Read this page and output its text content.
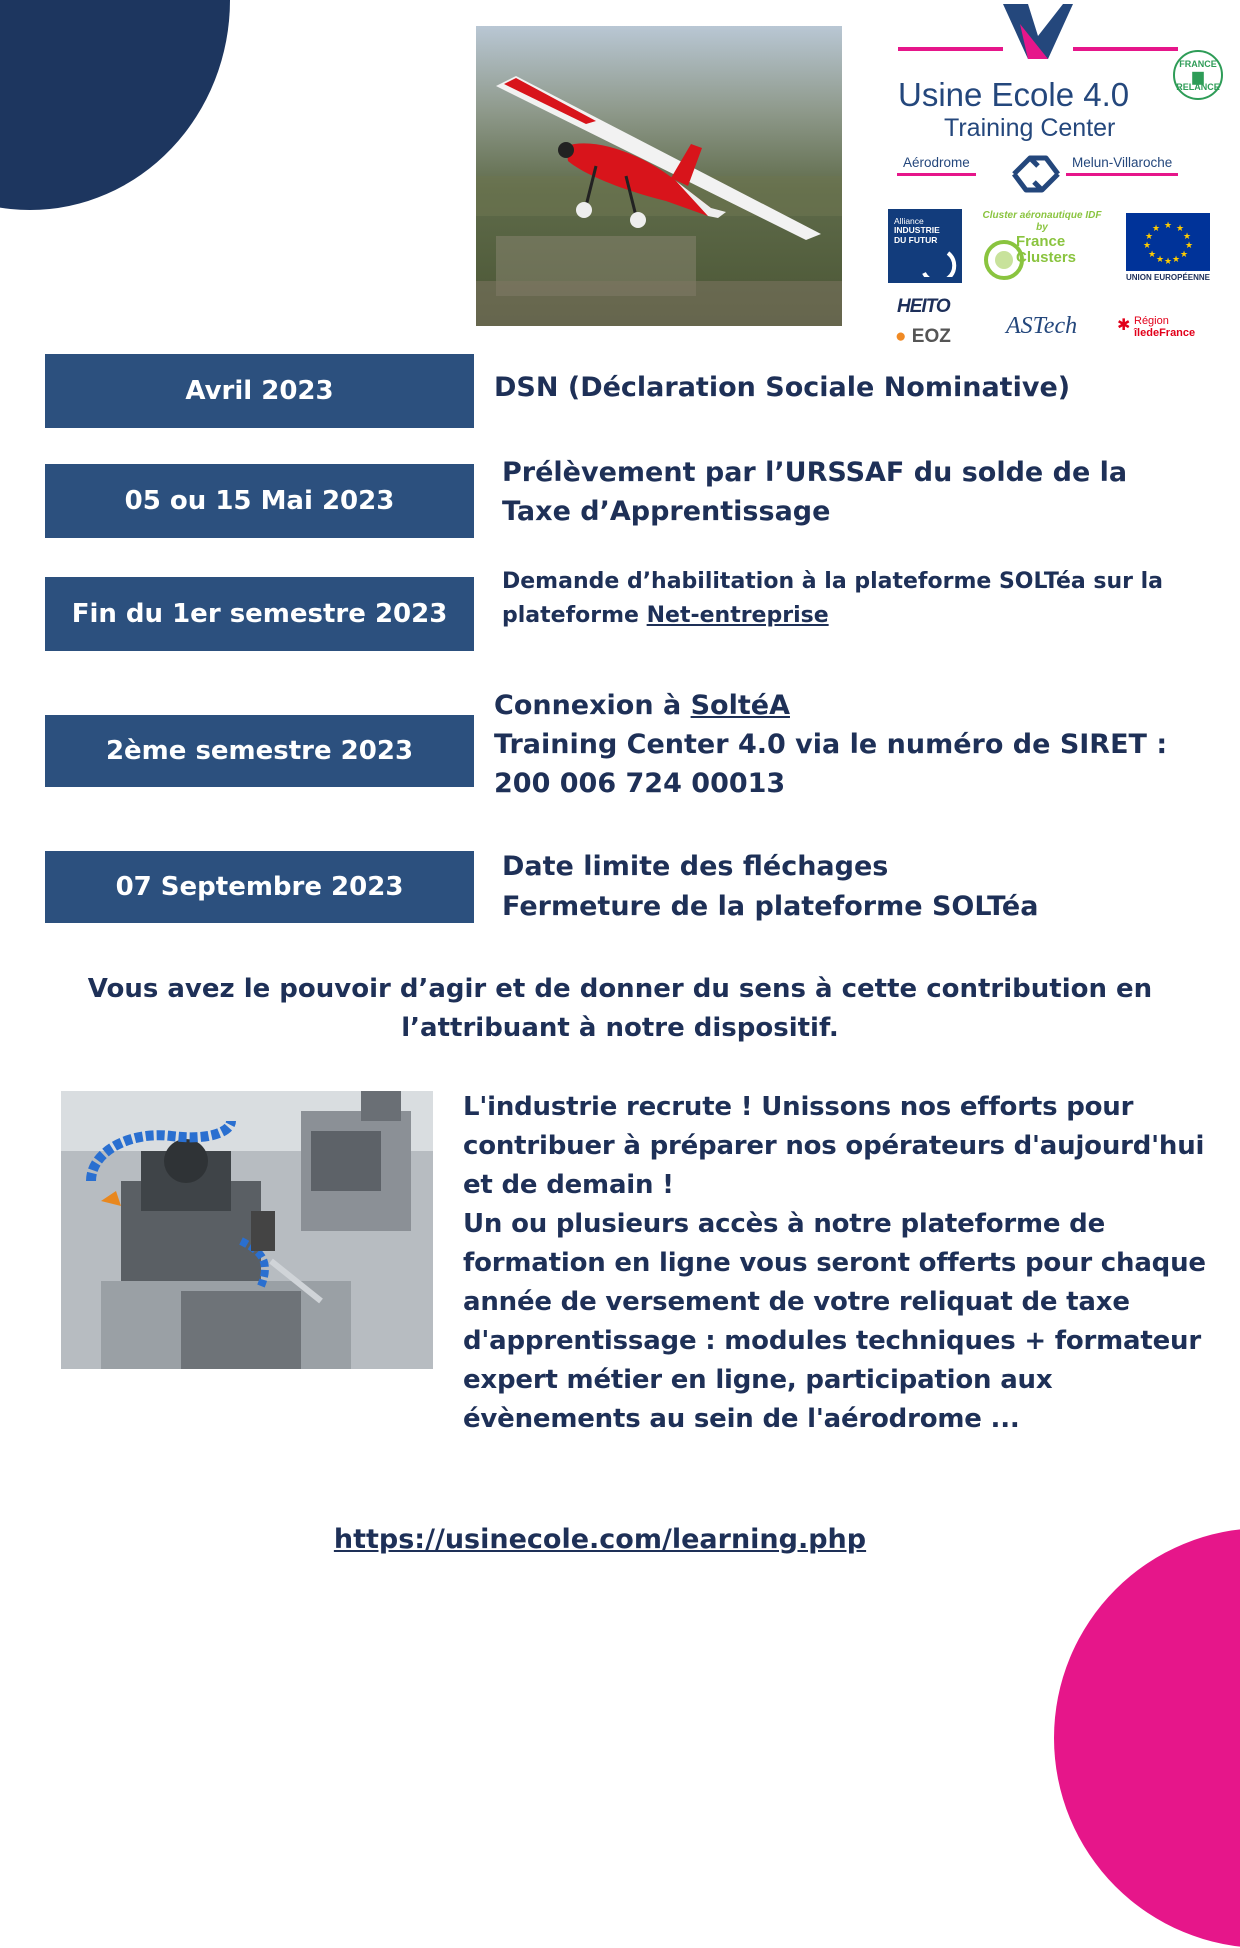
Usine Ecole 4.0
Training Center
FRANCE
▆
RELANCE
Aérodrome	Melun-Villaroche
Alliance
INDUSTRIE
DU FUTUR
Cluster aéronautique IDF
by
France
Clusters
★ ★
★
★
★
★
★
★
★
★
★
★
UNION EUROPÉENNE
HEITO
● EOZ ASTech ✱ Région
îledeFrance
Avril 2023	DSN (Déclaration Sociale Nominative)
05 ou 15 Mai 2023
Prélèvement par l’URSSAF du solde de la
Taxe d’Apprentissage
Fin du 1er semestre 2023
Demande d’habilitation à la plateforme SOLTéa sur la
plateforme Net-entreprise
2ème semestre 2023
Connexion à SoltéA
Training Center 4.0 via le numéro de SIRET :
200 006 724 00013
07 Septembre 2023
Date limite des fléchages
Fermeture de la plateforme SOLTéa
Vous avez le pouvoir d’agir et de donner du sens à cette contribution en
l’attribuant à notre dispositif.
L'industrie recrute ! Unissons nos efforts pour
contribuer à préparer nos opérateurs d'aujourd'hui
et de demain !
Un ou plusieurs accès à notre plateforme de
formation en ligne vous seront offerts pour chaque
année de versement de votre reliquat de taxe
d'apprentissage : modules techniques + formateur
expert métier en ligne, participation aux
évènements au sein de l'aérodrome ...
https://usinecole.com/learning.php
